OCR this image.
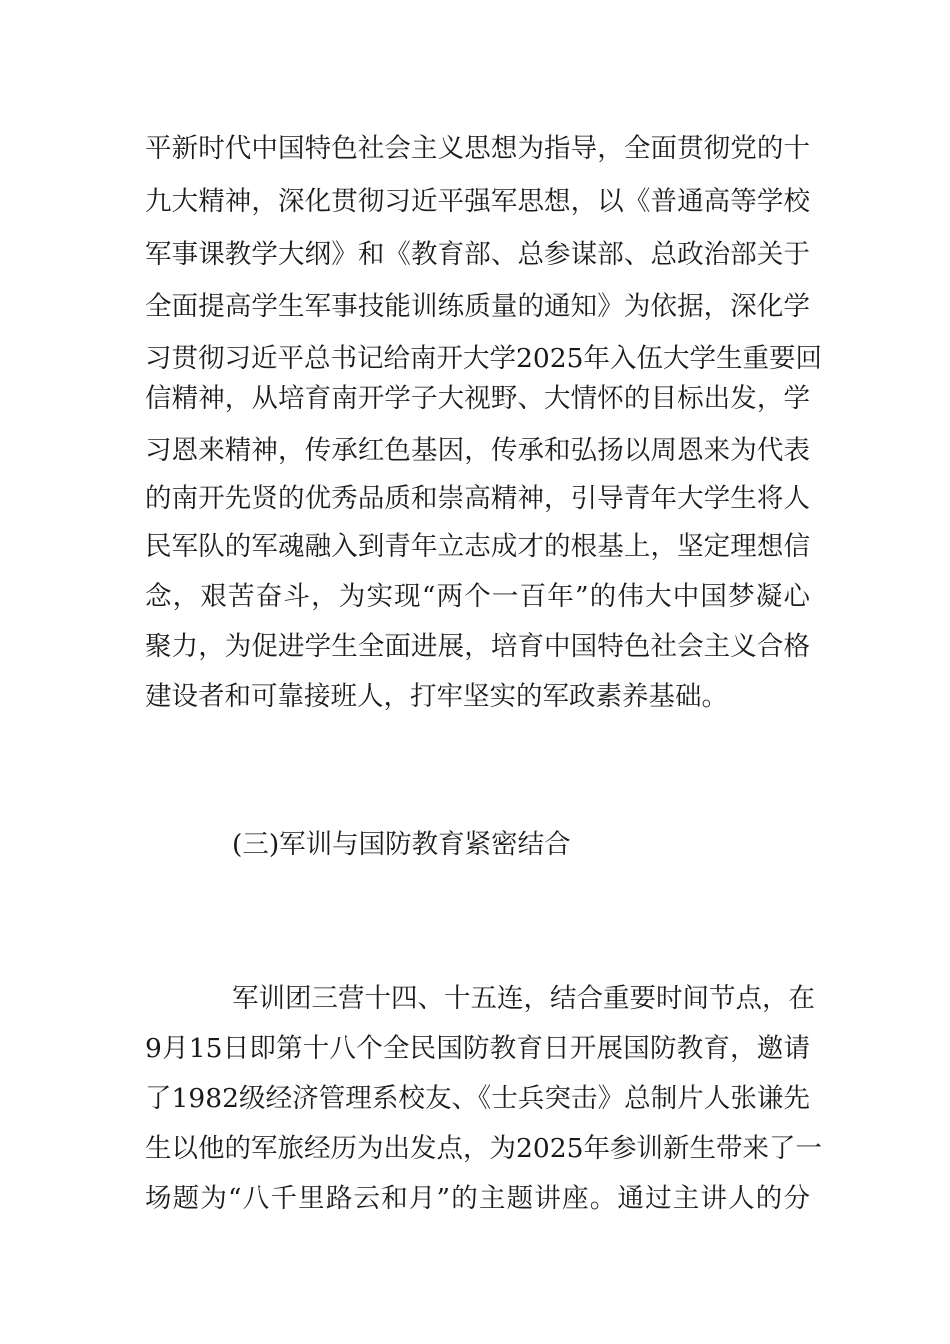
平新时代中国特色社会主义思想为指导，全面贯彻党的十
九大精神，深化贯彻习近平强军思想，以《普通高等学校
军事课教学大纲》和《教育部、总参谋部、总政治部关于
全面提高学生军事技能训练质量的通知》为依据，深化学
习贯彻习近平总书记给南开大学2025年入伍大学生重要回
信精神，从培育南开学子大视野、大情怀的目标出发，学
习恩来精神，传承红色基因，传承和弘扬以周恩来为代表
的南开先贤的优秀品质和崇高精神，引导青年大学生将人
民军队的军魂融入到青年立志成才的根基上，坚定理想信
念，艰苦奋斗，为实现“两个一百年”的伟大中国梦凝心
聚力，为促进学生全面进展，培育中国特色社会主义合格
建设者和可靠接班人，打牢坚实的军政素养基础。
(三)军训与国防教育紧密结合
军训团三营十四、十五连，结合重要时间节点，在
9月15日即第十八个全民国防教育日开展国防教育，邀请
了1982级经济管理系校友、《士兵突击》总制片人张谦先
生以他的军旅经历为出发点，为2025年参训新生带来了一
场题为“八千里路云和月”的主题讲座。通过主讲人的分
